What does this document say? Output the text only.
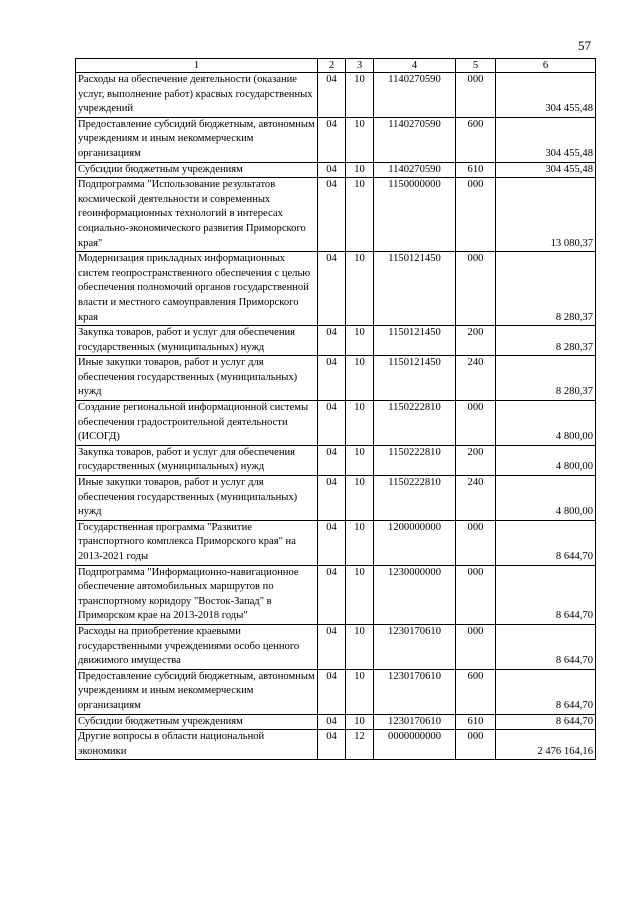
57
1	2	3	4	5	6
Расходы на обеспечение деятельности (оказание услуг, выполнение работ) красвых государственных учреждений	04	10	1140270590	000	304 455,48
Предоставление субсидий бюджетным, автономным учреждениям и иным некоммерческим организациям	04	10	1140270590	600	304 455,48
Субсидии бюджетным учреждениям	04	10	1140270590	610	304 455,48
Подпрограмма "Использование результатов космической деятельности и современных геоинформационных технологий в интересах социально-экономического развития Приморского края"	04	10	1150000000	000	13 080,37
Модернизация прикладных информационных систем геопространственного обеспечения с целью обеспечения полномочий органов государственной власти и местного самоуправления Приморского края	04	10	1150121450	000	8 280,37
Закупка товаров, работ и услуг для обеспечения государственных (муниципальных) нужд	04	10	1150121450	200	8 280,37
Иные закупки товаров, работ и услуг для обеспечения государственных (муниципальных) нужд	04	10	1150121450	240	8 280,37
Создание региональной информационной системы обеспечения градостроительной деятельности (ИСОГД)	04	10	1150222810	000	4 800,00
Закупка товаров, работ и услуг для обеспечения государственных (муниципальных) нужд	04	10	1150222810	200	4 800,00
Иные закупки товаров, работ и услуг для обеспечения государственных (муниципальных) нужд	04	10	1150222810	240	4 800,00
Государственная программа "Развитие транспортного комплекса Приморского края" на 2013-2021 годы	04	10	1200000000	000	8 644,70
Подпрограмма "Информационно-навигационное обеспечение автомобильных маршрутов по транспортному коридору "Восток-Запад" в Приморском крае на 2013-2018 годы"	04	10	1230000000	000	8 644,70
Расходы на приобретение краевыми государственными учреждениями особо ценного движимого имущества	04	10	1230170610	000	8 644,70
Предоставление субсидий бюджетным, автономным учреждениям и иным некоммерческим организациям	04	10	1230170610	600	8 644,70
Субсидии бюджетным учреждениям	04	10	1230170610	610	8 644,70
Другие вопросы в области национальной экономики	04	12	0000000000	000	2 476 164,16
